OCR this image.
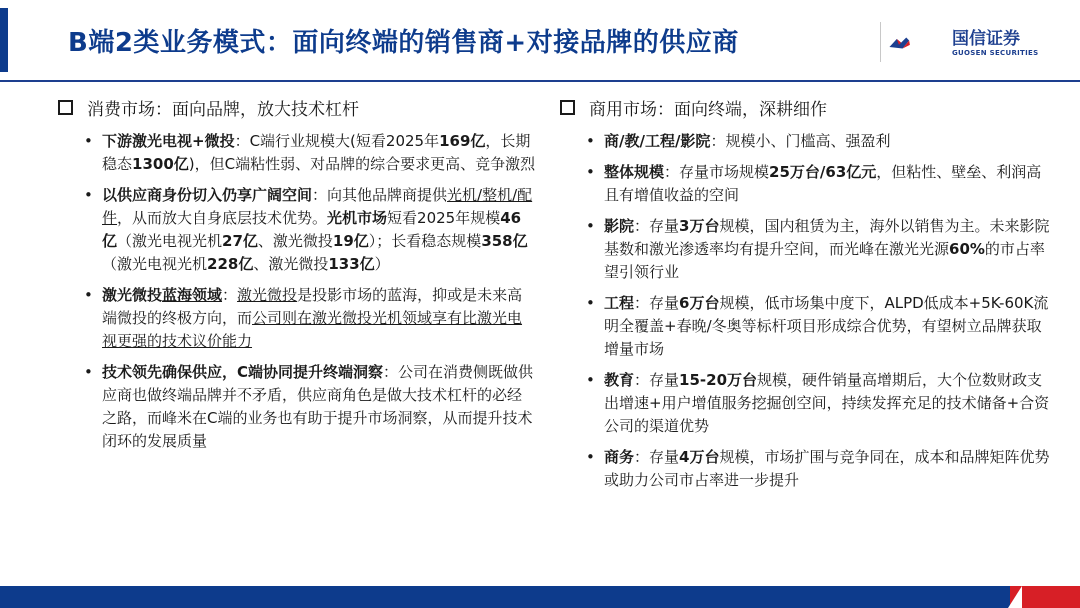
B端2类业务模式：面向终端的销售商+对接品牌的供应商	国信证券
GUOSEN SECURITIES
消费市场：面向品牌，放大技术杠杆
• 下游激光电视+微投：C端行业规模大(短看2025年169亿，长期稳态1300亿)，但C端粘性弱、对品牌的综合要求更高、竞争激烈
• 以供应商身份切入仍享广阔空间：向其他品牌商提供光机/整机/配件，从而放大自身底层技术优势。光机市场短看2025年规模46亿（激光电视光机27亿、激光微投19亿）；长看稳态规模358亿（激光电视光机228亿、激光微投133亿）
• 激光微投蓝海领域：激光微投是投影市场的蓝海，抑或是未来高端微投的终极方向，而公司则在激光微投光机领域享有比激光电视更强的技术议价能力
• 技术领先确保供应，C端协同提升终端洞察：公司在消费侧既做供应商也做终端品牌并不矛盾，供应商角色是做大技术杠杆的必经之路，而峰米在C端的业务也有助于提升市场洞察，从而提升技术闭环的发展质量
商用市场：面向终端，深耕细作
• 商/教/工程/影院：规模小、门槛高、强盈利
• 整体规模：存量市场规模25万台/63亿元，但粘性、壁垒、利润高且有增值收益的空间
• 影院：存量3万台规模，国内租赁为主，海外以销售为主。未来影院基数和激光渗透率均有提升空间，而光峰在激光光源60%的市占率望引领行业
• 工程：存量6万台规模，低市场集中度下，ALPD低成本+5K-60K流明全覆盖+春晚/冬奥等标杆项目形成综合优势，有望树立品牌获取增量市场
• 教育：存量15-20万台规模，硬件销量高增期后，大个位数财政支出增速+用户增值服务挖掘创空间，持续发挥充足的技术储备+合资公司的渠道优势
• 商务：存量4万台规模，市场扩围与竞争同在，成本和品牌矩阵优势或助力公司市占率进一步提升
